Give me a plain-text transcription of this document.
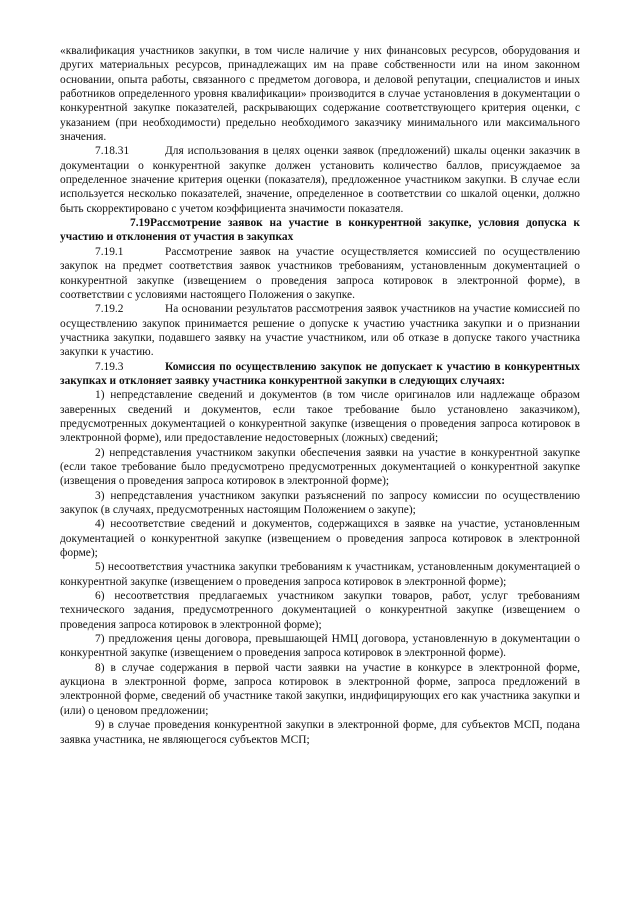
«квалификация участников закупки, в том числе наличие у них финансовых ресурсов, оборудования и других материальных ресурсов, принадлежащих им на праве собственности или на ином законном основании, опыта работы, связанного с предметом договора, и деловой репутации, специалистов и иных работников определенного уровня квалификации» производится в случае установления в документации о конкурентной закупке показателей, раскрывающих содержание соответствующего критерия оценки, с указанием (при необходимости) предельно необходимого заказчику минимального или максимального значения.

7.18.31	Для использования в целях оценки заявок (предложений) шкалы оценки заказчик в документации о конкурентной закупке должен установить количество баллов, присуждаемое за определенное значение критерия оценки (показателя), предложенное участником закупки. В случае если используется несколько показателей, значение, определенное в соответствии со шкалой оценки, должно быть скорректировано с учетом коэффициента значимости показателя.

7.19Рассмотрение заявок на участие в конкурентной закупке, условия допуска к участию и отклонения от участия в закупках

7.19.1	Рассмотрение заявок на участие осуществляется комиссией по осуществлению закупок на предмет соответствия заявок участников требованиям, установленным документацией о конкурентной закупке (извещением о проведения запроса котировок в электронной форме), в соответствии с условиями настоящего Положения о закупке.

7.19.2	На основании результатов рассмотрения заявок участников на участие комиссией по осуществлению закупок принимается решение о допуске к участию участника закупки и о признании участника закупки, подавшего заявку на участие участником, или об отказе в допуске такого участника закупки к участию.

7.19.3	Комиссия по осуществлению закупок не допускает к участию в конкурентных закупках и отклоняет заявку участника конкурентной закупки в следующих случаях:

1) непредставление сведений и документов (в том числе оригиналов или надлежаще образом заверенных сведений и документов, если такое требование было установлено заказчиком), предусмотренных документацией о конкурентной закупке (извещения о проведения запроса котировок в электронной форме), или предоставление недостоверных (ложных) сведений;

2) непредставления участником закупки обеспечения заявки на участие в конкурентной закупке (если такое требование было предусмотрено предусмотренных документацией о конкурентной закупке (извещения о проведения запроса котировок в электронной форме);

3) непредставления участником закупки разъяснений по запросу комиссии по осуществлению закупок (в случаях, предусмотренных настоящим Положением о закупе);

4) несоответствие сведений и документов, содержащихся в заявке на участие, установленным документацией о конкурентной закупке (извещением о проведения запроса котировок в электронной форме);

5) несоответствия участника закупки требованиям к участникам, установленным документацией о конкурентной закупке (извещением о проведения запроса котировок в электронной форме);

6) несоответствия предлагаемых участником закупки товаров, работ, услуг требованиям технического задания, предусмотренного документацией о конкурентной закупке (извещением о проведения запроса котировок в электронной форме);

7) предложения цены договора, превышающей НМЦ договора, установленную в документации о конкурентной закупке (извещением о проведения запроса котировок в электронной форме).

8) в случае содержания в первой части заявки на участие в конкурсе в электронной форме, аукциона в электронной форме, запроса котировок в электронной форме, запроса предложений в электронной форме, сведений об участнике такой закупки, индифицирующих его как участника закупки и (или) о ценовом предложении;

9) в случае проведения конкурентной закупки в электронной форме, для субъектов МСП, подана заявка участника, не являющегося субъектов МСП;
